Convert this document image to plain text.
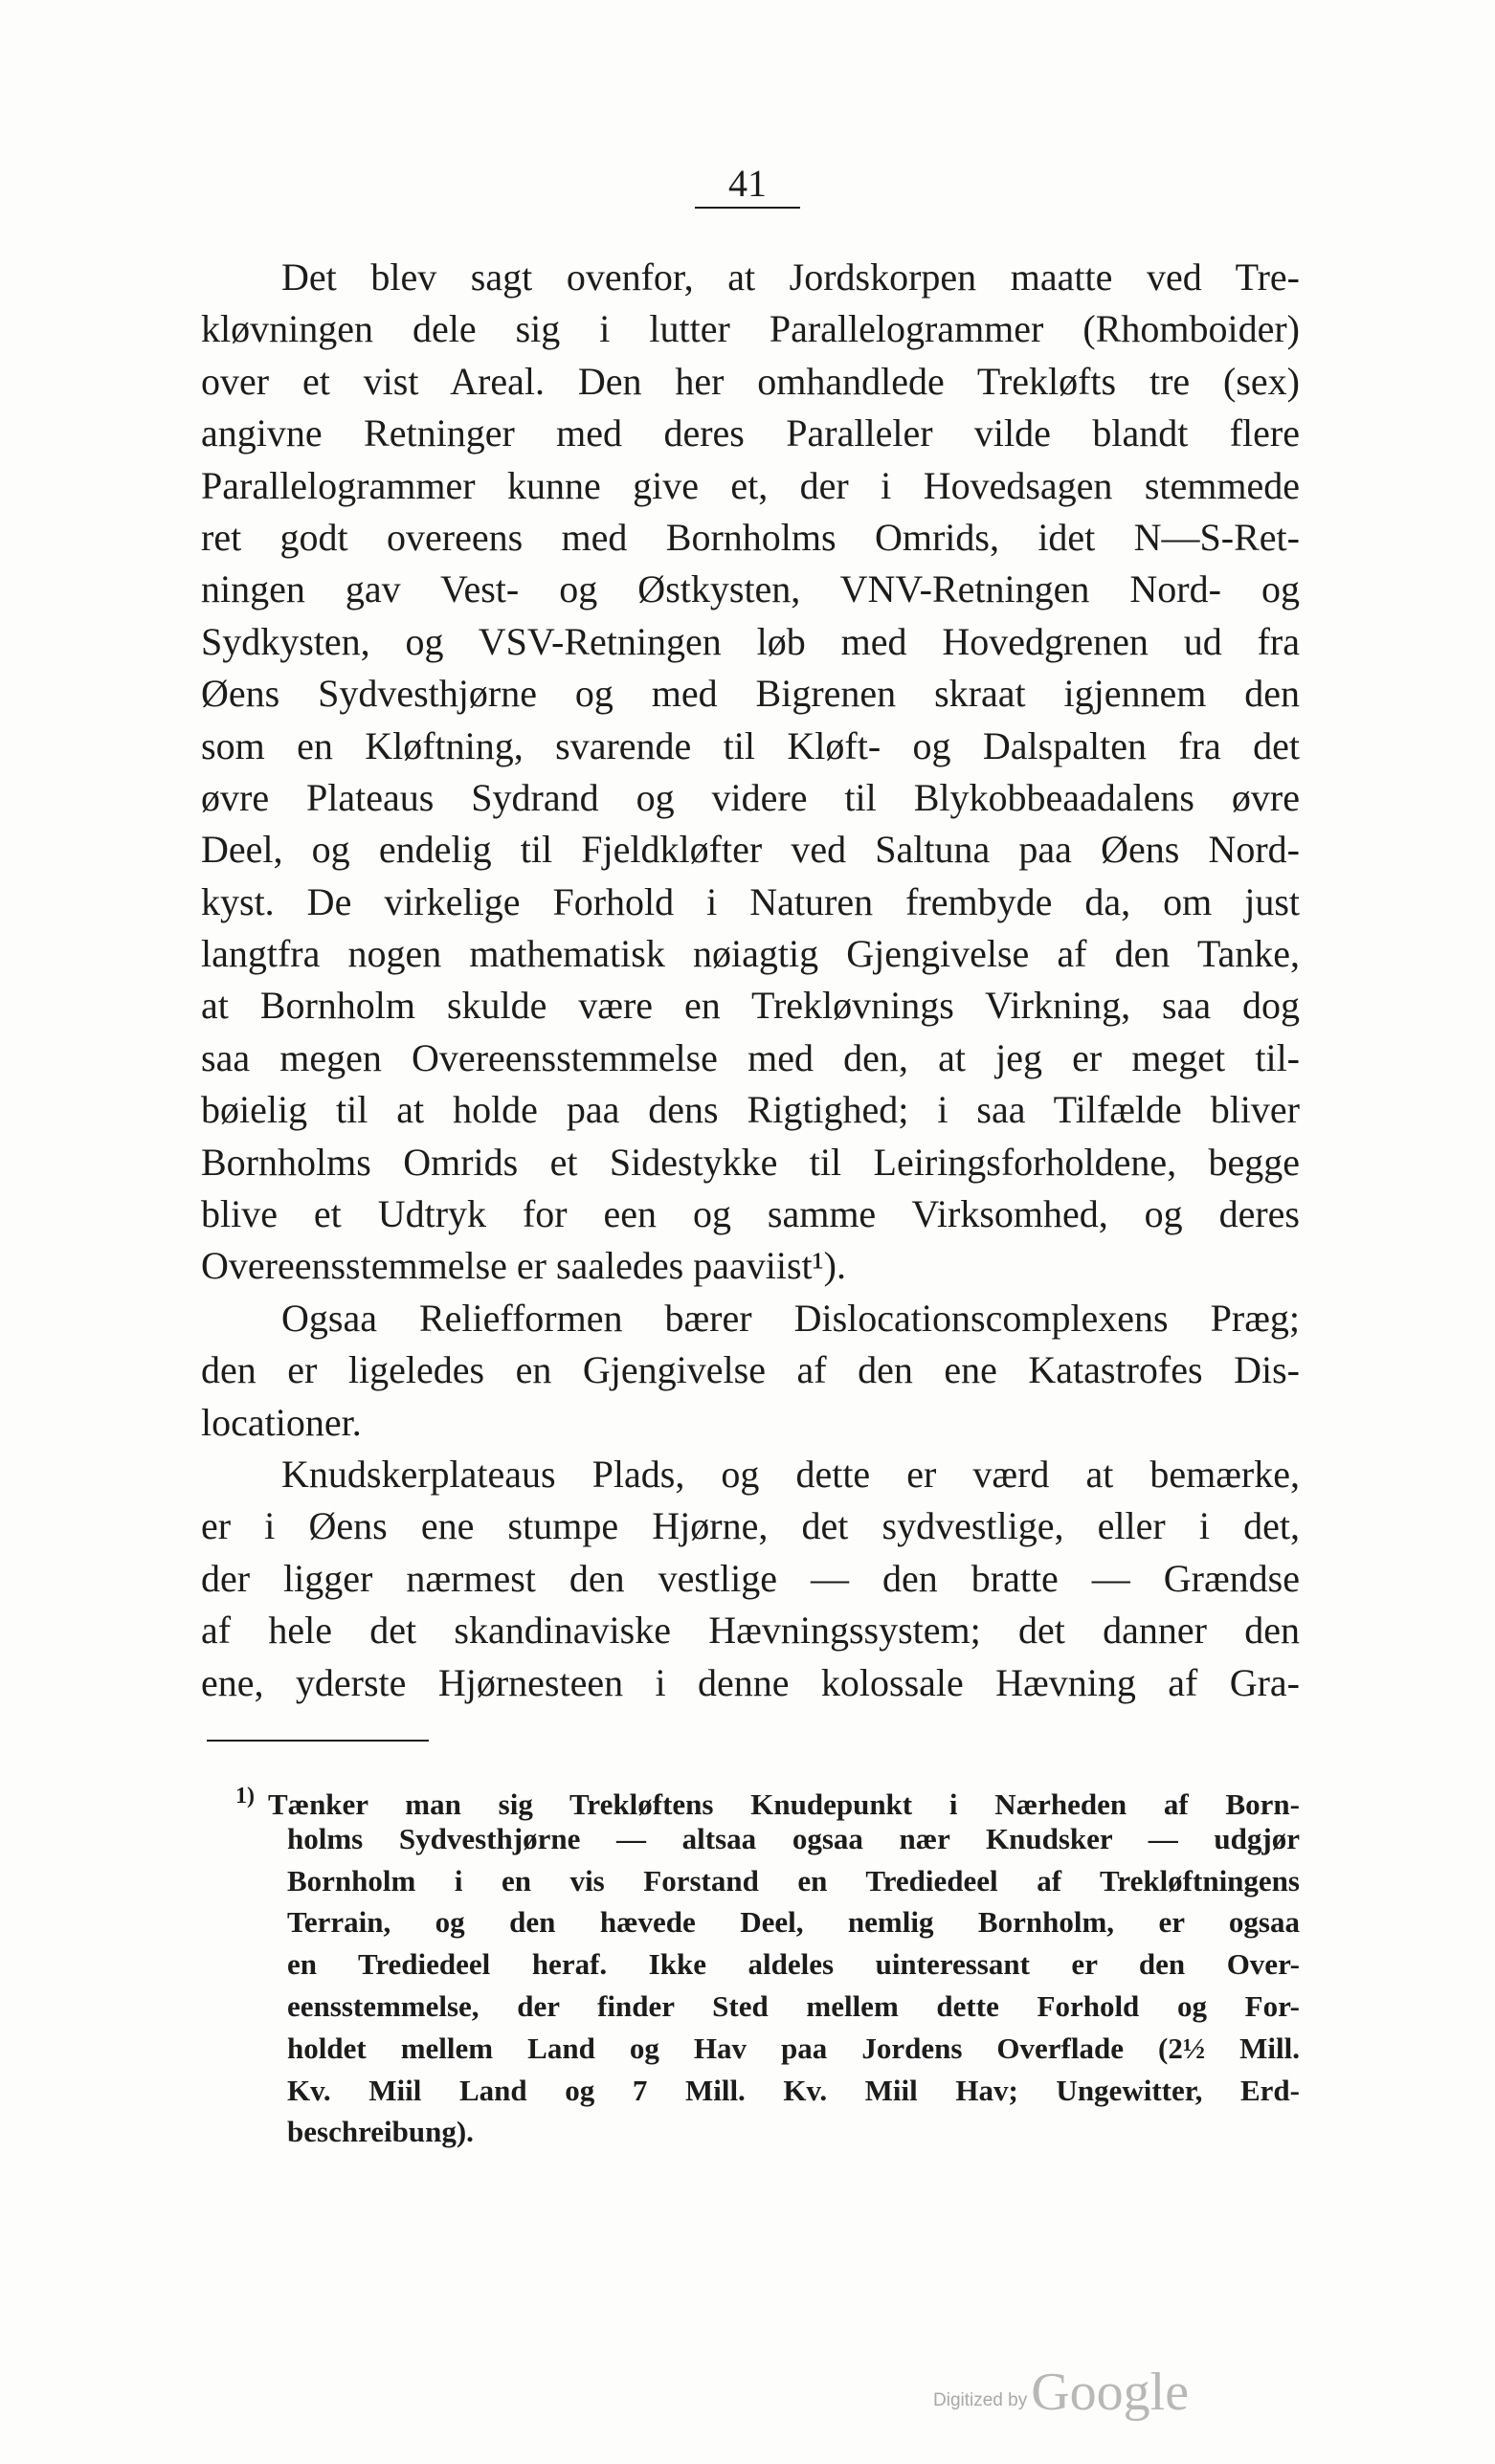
41
Det blev sagt ovenfor, at Jordskorpen maatte ved Tre-
kløvningen dele sig i lutter Parallelogrammer (Rhomboider)
over et vist Areal. Den her omhandlede Trekløfts tre (sex)
angivne Retninger med deres Paralleler vilde blandt flere
Parallelogrammer kunne give et, der i Hovedsagen stemmede
ret godt overeens med Bornholms Omrids, idet N—S-Ret-
ningen gav Vest- og Østkysten, VNV-Retningen Nord- og
Sydkysten, og VSV-Retningen løb med Hovedgrenen ud fra
Øens Sydvesthjørne og med Bigrenen skraat igjennem den
som en Kløftning, svarende til Kløft- og Dalspalten fra det
øvre Plateaus Sydrand og videre til Blykobbeaadalens øvre
Deel, og endelig til Fjeldkløfter ved Saltuna paa Øens Nord-
kyst. De virkelige Forhold i Naturen frembyde da, om just
langtfra nogen mathematisk nøiagtig Gjengivelse af den Tanke,
at Bornholm skulde være en Trekløvnings Virkning, saa dog
saa megen Overeensstemmelse med den, at jeg er meget til-
bøielig til at holde paa dens Rigtighed; i saa Tilfælde bliver
Bornholms Omrids et Sidestykke til Leiringsforholdene, begge
blive et Udtryk for een og samme Virksomhed, og deres
Overeensstemmelse er saaledes paaviist¹).
Ogsaa Reliefformen bærer Dislocationscomplexens Præg;
den er ligeledes en Gjengivelse af den ene Katastrofes Dis-
locationer.
Knudskerplateaus Plads, og dette er værd at bemærke,
er i Øens ene stumpe Hjørne, det sydvestlige, eller i det,
der ligger nærmest den vestlige — den bratte — Grændse
af hele det skandinaviske Hævningssystem; det danner den
ene, yderste Hjørnesteen i denne kolossale Hævning af Gra-
$^{1)}$ Tænker man sig Trekløftens Knudepunkt i Nærheden af Born-
holms Sydvesthjørne — altsaa ogsaa nær Knudsker — udgjør
Bornholm i en vis Forstand en Trediedeel af Trekløftningens
Terrain, og den hævede Deel, nemlig Bornholm, er ogsaa
en Trediedeel heraf. Ikke aldeles uinteressant er den Over-
eensstemmelse, der finder Sted mellem dette Forhold og For-
holdet mellem Land og Hav paa Jordens Overflade (2½ Mill.
Kv. Miil Land og 7 Mill. Kv. Miil Hav; Ungewitter, Erd-
beschreibung).
Digitized by Google
